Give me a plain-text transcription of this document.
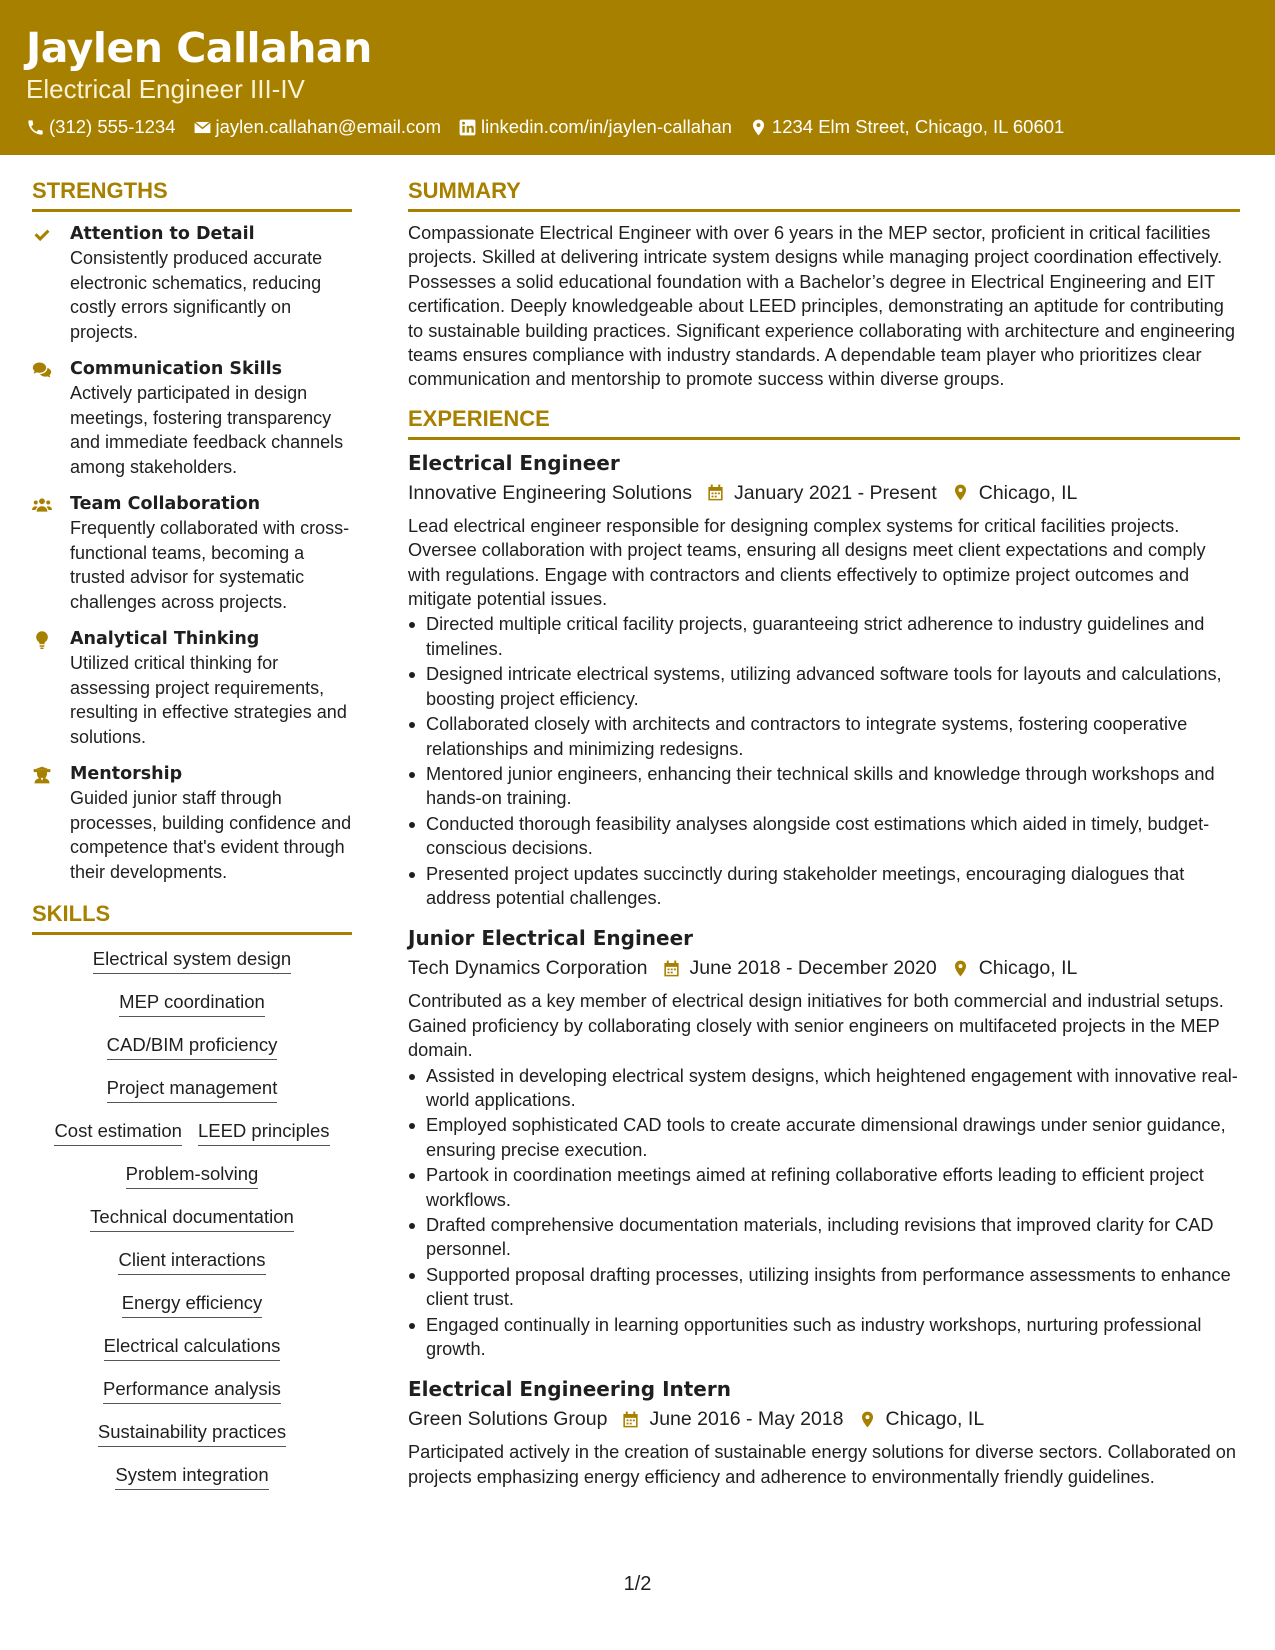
Jaylen Callahan
Electrical Engineer III-IV
(312) 555-1234 jaylen.callahan@email.com linkedin.com/in/jaylen-callahan 1234 Elm Street, Chicago, IL 60601
STRENGTHS
Attention to Detail
Consistently produced accurate electronic schematics, reducing costly errors significantly on projects.
Communication Skills
Actively participated in design meetings, fostering transparency and immediate feedback channels among stakeholders.
Team Collaboration
Frequently collaborated with cross-functional teams, becoming a trusted advisor for systematic challenges across projects.
Analytical Thinking
Utilized critical thinking for assessing project requirements, resulting in effective strategies and solutions.
Mentorship
Guided junior staff through processes, building confidence and competence that's evident through their developments.
SKILLS
Electrical system design
MEP coordination
CAD/BIM proficiency
Project management
Cost estimation LEED principles
Problem-solving
Technical documentation
Client interactions
Energy efficiency
Electrical calculations
Performance analysis
Sustainability practices
System integration
SUMMARY

Compassionate Electrical Engineer with over 6 years in the MEP sector, proficient in critical facilities projects. Skilled at delivering intricate system designs while managing project coordination effectively. Possesses a solid educational foundation with a Bachelor’s degree in Electrical Engineering and EIT certification. Deeply knowledgeable about LEED principles, demonstrating an aptitude for contributing to sustainable building practices. Significant experience collaborating with architecture and engineering teams ensures compliance with industry standards. A dependable team player who prioritizes clear communication and mentorship to promote success within diverse groups.

EXPERIENCE
Electrical Engineer
Innovative Engineering Solutions January 2021 - Present Chicago, IL

Lead electrical engineer responsible for designing complex systems for critical facilities projects. Oversee collaboration with project teams, ensuring all designs meet client expectations and comply with regulations. Engage with contractors and clients effectively to optimize project outcomes and mitigate potential issues.

Directed multiple critical facility projects, guaranteeing strict adherence to industry guidelines and timelines.
Designed intricate electrical systems, utilizing advanced software tools for layouts and calculations, boosting project efficiency.
Collaborated closely with architects and contractors to integrate systems, fostering cooperative relationships and minimizing redesigns.
Mentored junior engineers, enhancing their technical skills and knowledge through workshops and hands-on training.
Conducted thorough feasibility analyses alongside cost estimations which aided in timely, budget-conscious decisions.
Presented project updates succinctly during stakeholder meetings, encouraging dialogues that address potential challenges.
Junior Electrical Engineer
Tech Dynamics Corporation June 2018 - December 2020 Chicago, IL

Contributed as a key member of electrical design initiatives for both commercial and industrial setups. Gained proficiency by collaborating closely with senior engineers on multifaceted projects in the MEP domain.

Assisted in developing electrical system designs, which heightened engagement with innovative real-world applications.
Employed sophisticated CAD tools to create accurate dimensional drawings under senior guidance, ensuring precise execution.
Partook in coordination meetings aimed at refining collaborative efforts leading to efficient project workflows.
Drafted comprehensive documentation materials, including revisions that improved clarity for CAD personnel.
Supported proposal drafting processes, utilizing insights from performance assessments to enhance client trust.
Engaged continually in learning opportunities such as industry workshops, nurturing professional growth.
Electrical Engineering Intern
Green Solutions Group June 2016 - May 2018 Chicago, IL

Participated actively in the creation of sustainable energy solutions for diverse sectors. Collaborated on projects emphasizing energy efficiency and adherence to environmentally friendly guidelines.

1/2
